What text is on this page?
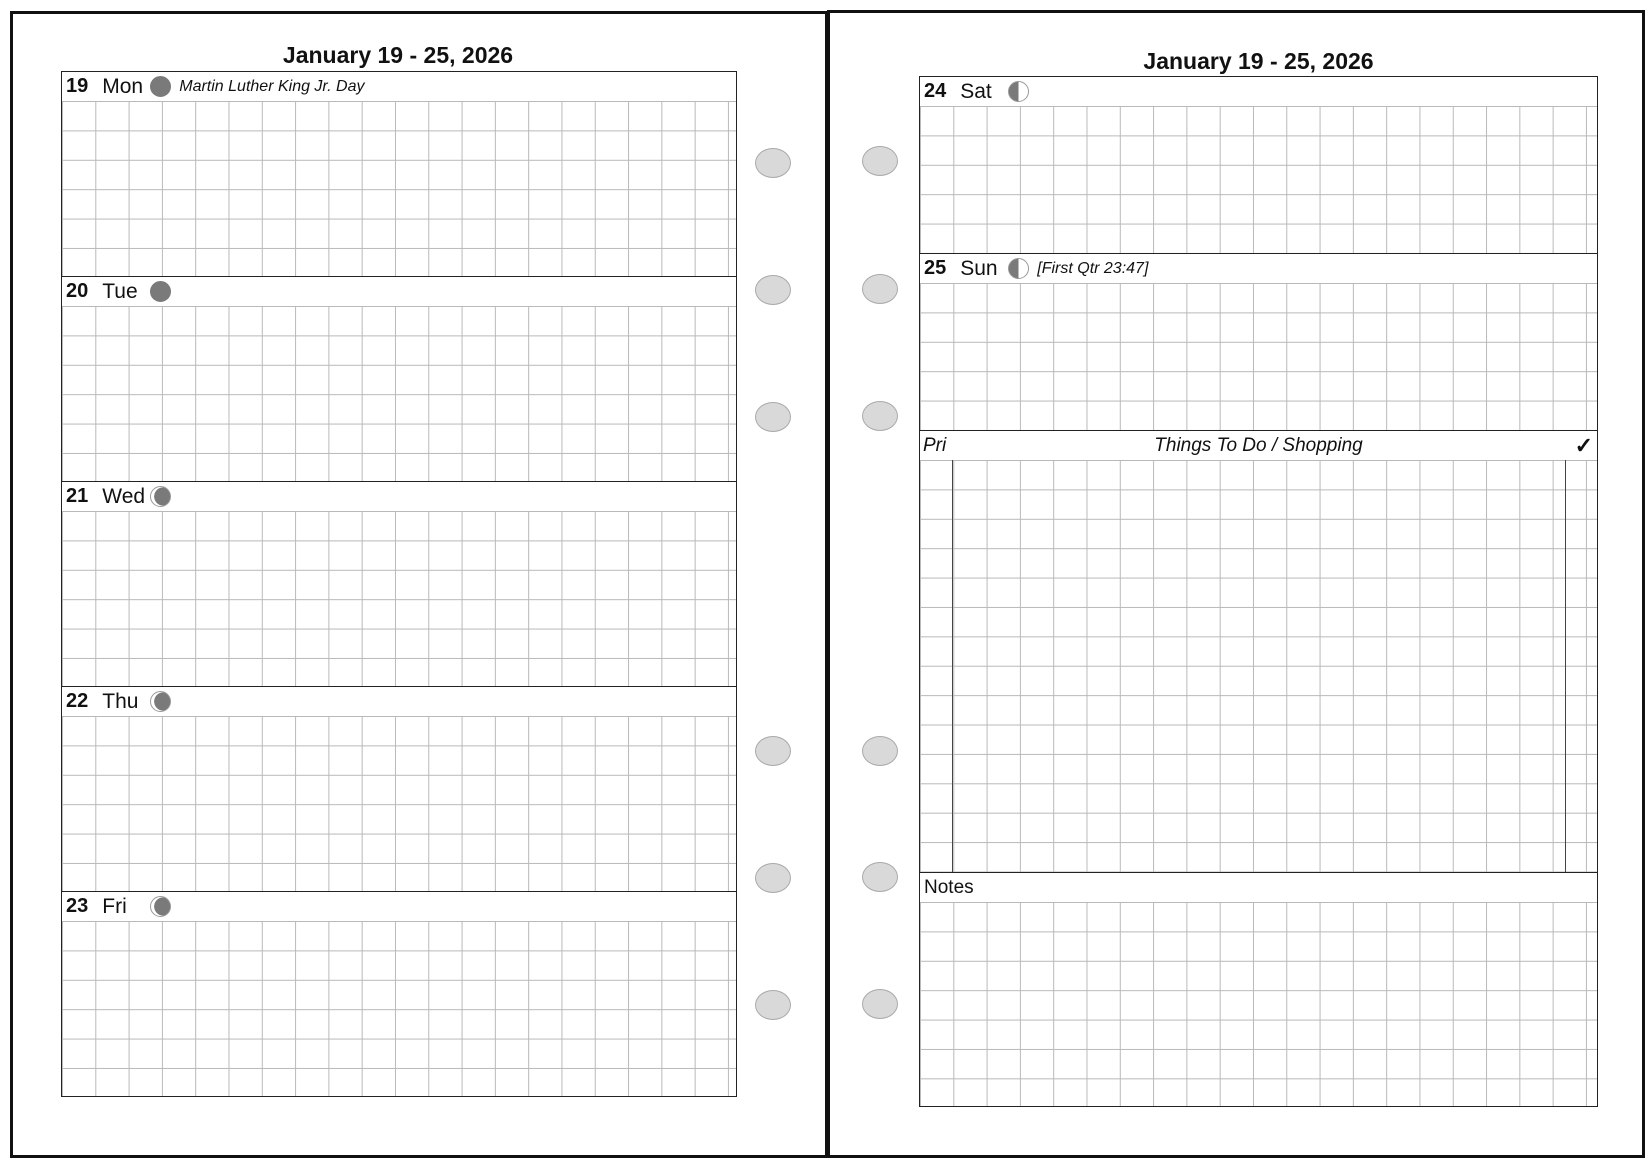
January 19 - 25, 2026
19 Mon Martin Luther King Jr. Day
20 Tue
21 Wed
22 Thu
23 Fri
January 19 - 25, 2026
24 Sat
25 Sun	[First Qtr 23:47]
Pri	Things To Do / Shopping	✓
Notes
